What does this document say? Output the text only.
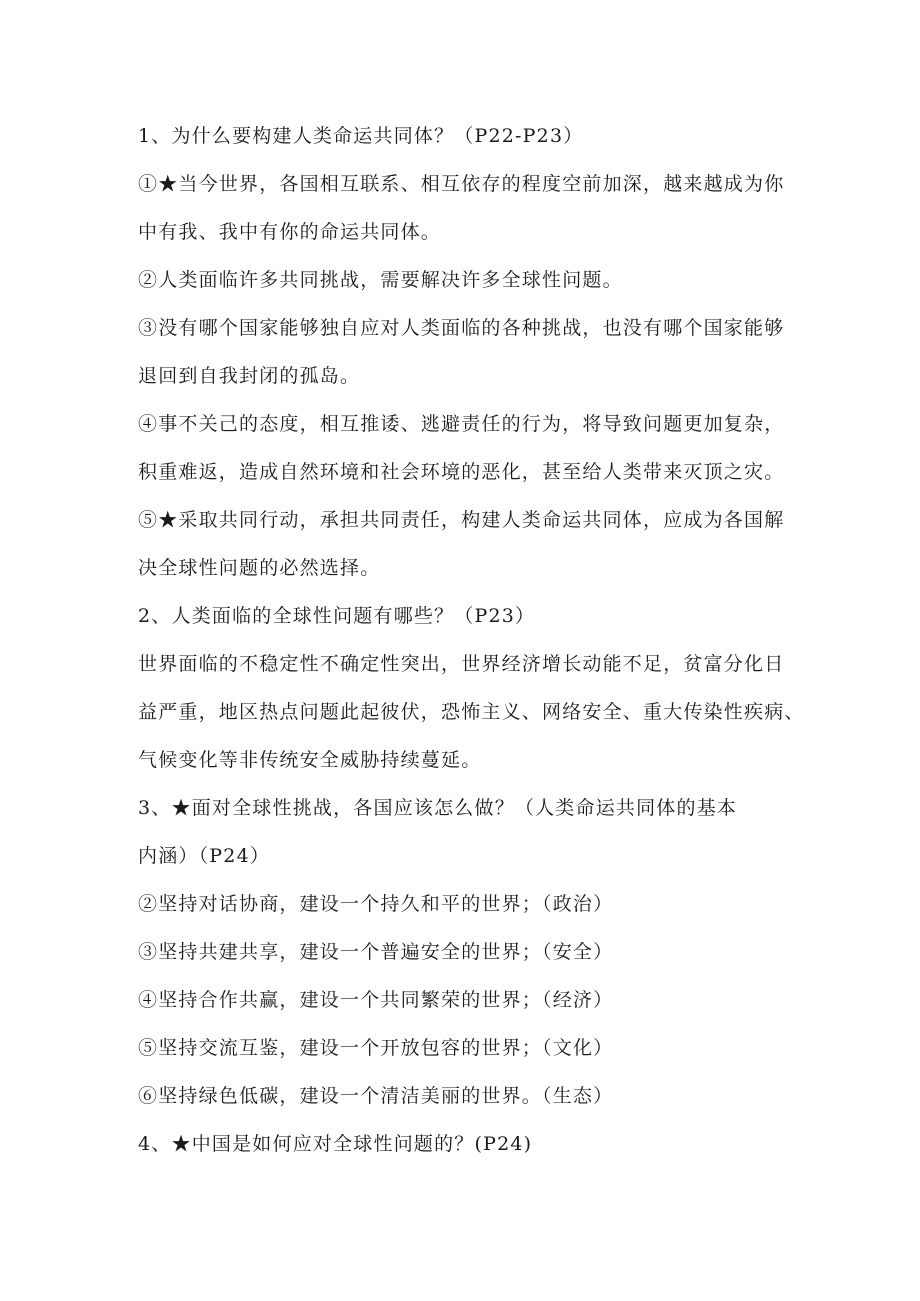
1、为什么要构建人类命运共同体？（P22-P23）
①★当今世界，各国相互联系、相互依存的程度空前加深，越来越成为你
中有我、我中有你的命运共同体。
②人类面临许多共同挑战，需要解决许多全球性问题。
③没有哪个国家能够独自应对人类面临的各种挑战，也没有哪个国家能够
退回到自我封闭的孤岛。
④事不关己的态度，相互推诿、逃避责任的行为，将导致问题更加复杂，
积重难返，造成自然环境和社会环境的恶化，甚至给人类带来灭顶之灾。
⑤★采取共同行动，承担共同责任，构建人类命运共同体，应成为各国解
决全球性问题的必然选择。
2、人类面临的全球性问题有哪些？（P23）
世界面临的不稳定性不确定性突出，世界经济增长动能不足，贫富分化日
益严重，地区热点问题此起彼伏，恐怖主义、网络安全、重大传染性疾病、
气候变化等非传统安全威胁持续蔓延。
3、★面对全球性挑战，各国应该怎么做？（人类命运共同体的基本
内涵）（P24）
②坚持对话协商，建设一个持久和平的世界；（政治）
③坚持共建共享，建设一个普遍安全的世界；（安全）
④坚持合作共赢，建设一个共同繁荣的世界；（经济）
⑤坚持交流互鉴，建设一个开放包容的世界；（文化）
⑥坚持绿色低碳，建设一个清洁美丽的世界。（生态）
4、★中国是如何应对全球性问题的？(P24)
